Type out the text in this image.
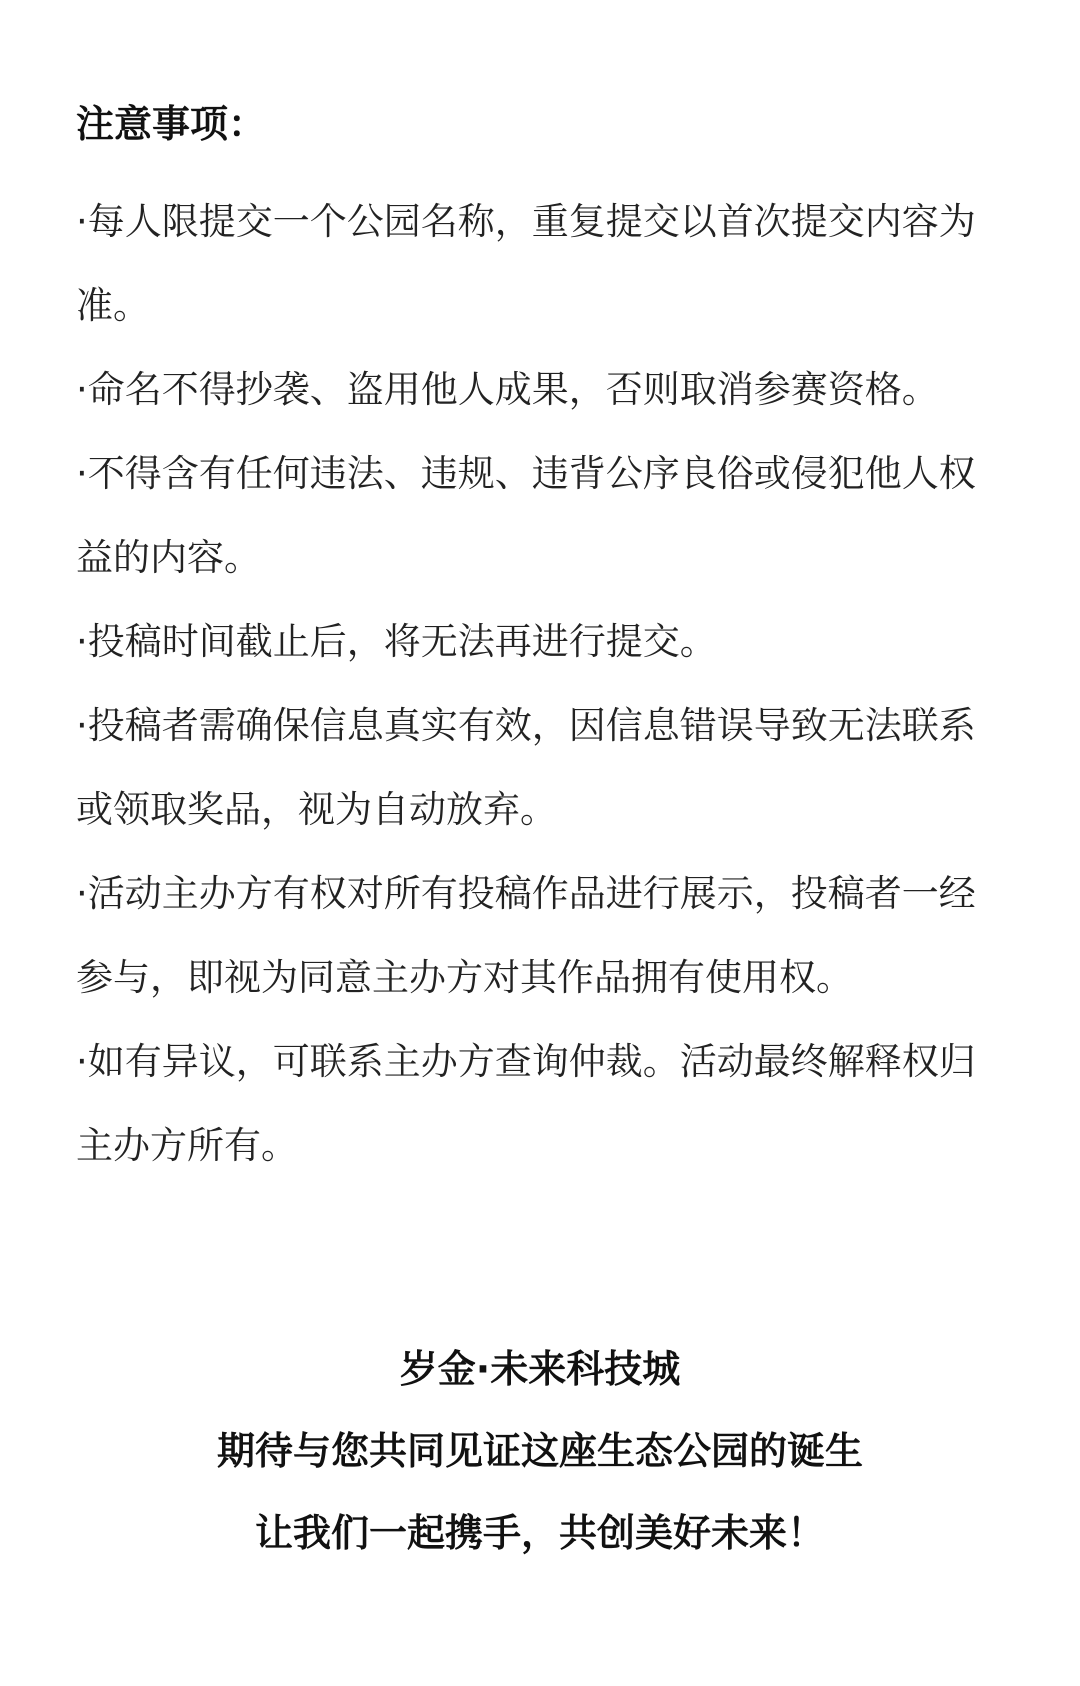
注意事项：
·每人限提交一个公园名称，重复提交以首次提交内容为准。
·命名不得抄袭、盗用他人成果，否则取消参赛资格。
·不得含有任何违法、违规、违背公序良俗或侵犯他人权益的内容。
·投稿时间截止后，将无法再进行提交。
·投稿者需确保信息真实有效，因信息错误导致无法联系或领取奖品，视为自动放弃。
·活动主办方有权对所有投稿作品进行展示，投稿者一经参与，即视为同意主办方对其作品拥有使用权。
·如有异议，可联系主办方查询仲裁。活动最终解释权归主办方所有。

岁金·未来科技城

期待与您共同见证这座生态公园的诞生

让我们一起携手，共创美好未来！
